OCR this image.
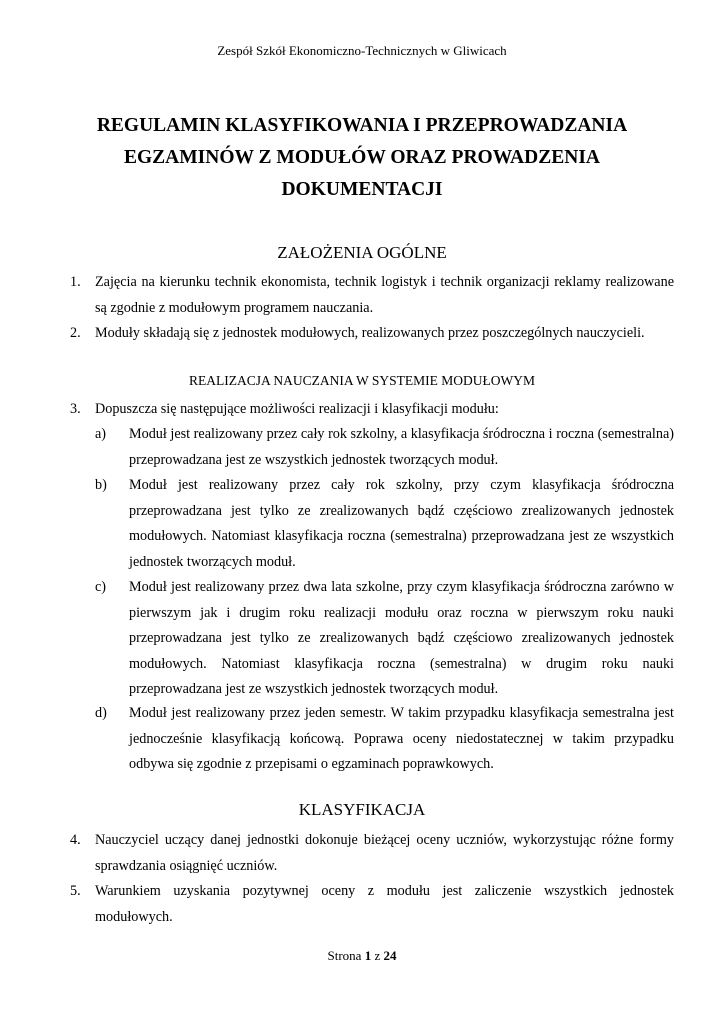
Zespół Szkół Ekonomiczno-Technicznych w Gliwicach
REGULAMIN KLASYFIKOWANIA I PRZEPROWADZANIA
EGZAMINÓW Z MODUŁÓW ORAZ PROWADZENIA
DOKUMENTACJI
ZAŁOŻENIA OGÓLNE
1. Zajęcia na kierunku technik ekonomista, technik logistyk i technik organizacji reklamy realizowane są zgodnie z modułowym programem nauczania.
2. Moduły składają się z jednostek modułowych, realizowanych przez poszczególnych nauczycieli.
REALIZACJA NAUCZANIA W SYSTEMIE MODUŁOWYM
3. Dopuszcza się następujące możliwości realizacji i klasyfikacji modułu:
a) Moduł jest realizowany przez cały rok szkolny, a klasyfikacja śródroczna i roczna (semestralna) przeprowadzana jest ze wszystkich jednostek tworzących moduł.
b) Moduł jest realizowany przez cały rok szkolny, przy czym klasyfikacja śródroczna przeprowadzana jest tylko ze zrealizowanych bądź częściowo zrealizowanych jednostek modułowych. Natomiast klasyfikacja roczna (semestralna) przeprowadzana jest ze wszystkich jednostek tworzących moduł.
c) Moduł jest realizowany przez dwa lata szkolne, przy czym klasyfikacja śródroczna zarówno w pierwszym jak i drugim roku realizacji modułu oraz roczna w pierwszym roku nauki przeprowadzana jest tylko ze zrealizowanych bądź częściowo zrealizowanych jednostek modułowych. Natomiast klasyfikacja roczna (semestralna) w drugim roku nauki przeprowadzana jest ze wszystkich jednostek tworzących moduł.
d) Moduł jest realizowany przez jeden semestr. W takim przypadku klasyfikacja semestralna jest jednocześnie klasyfikacją końcową. Poprawa oceny niedostatecznej w takim przypadku odbywa się zgodnie z przepisami o egzaminach poprawkowych.
KLASYFIKACJA
4. Nauczyciel uczący danej jednostki dokonuje bieżącej oceny uczniów, wykorzystując różne formy sprawdzania osiągnięć uczniów.
5. Warunkiem uzyskania pozytywnej oceny z modułu jest zaliczenie wszystkich jednostek modułowych.
Strona 1 z 24
